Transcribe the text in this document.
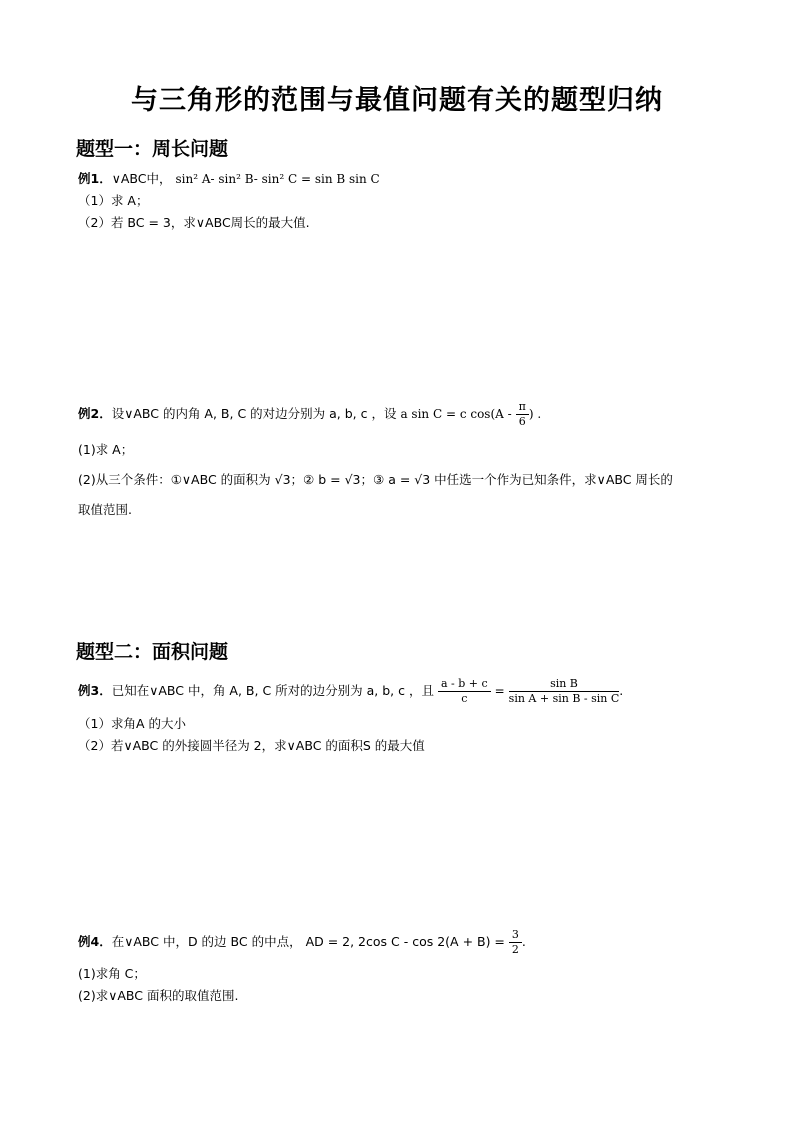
与三角形的范围与最值问题有关的题型归纳
题型一：周长问题
例1．∨ABC中， sin² A- sin² B- sin² C = sin B sin C
（1）求 A；
（2）若 BC = 3，求∨ABC周长的最大值.
例2．设∨ABC 的内角 A, B, C 的对边分别为 a, b, c ，设 a sin C = c $\cos(A - \frac{\pi}{6}$ ) .
(1)求 A；
(2)从三个条件：①∨ABC 的面积为 √3；② b = √3；③ a = √3 中任选一个作为已知条件，求∨ABC 周长的
取值范围.
题型二：面积问题
例3．已知在∨ABC 中，角 A, B, C 所对的边分别为 a, b, c ，且 $\frac{a - b + c}{c} = \frac{\text{sin B}}{\text{sin A + sin B - sin C}}$ .
（1）求角A 的大小
（2）若∨ABC 的外接圆半径为 2，求∨ABC 的面积S 的最大值
例4．在∨ABC 中，D 的边 BC 的中点， AD = 2, 2cos $C - \cos 2(A + B) = \frac{3}{2}$ .
(1)求角 C；
(2)求∨ABC 面积的取值范围.
